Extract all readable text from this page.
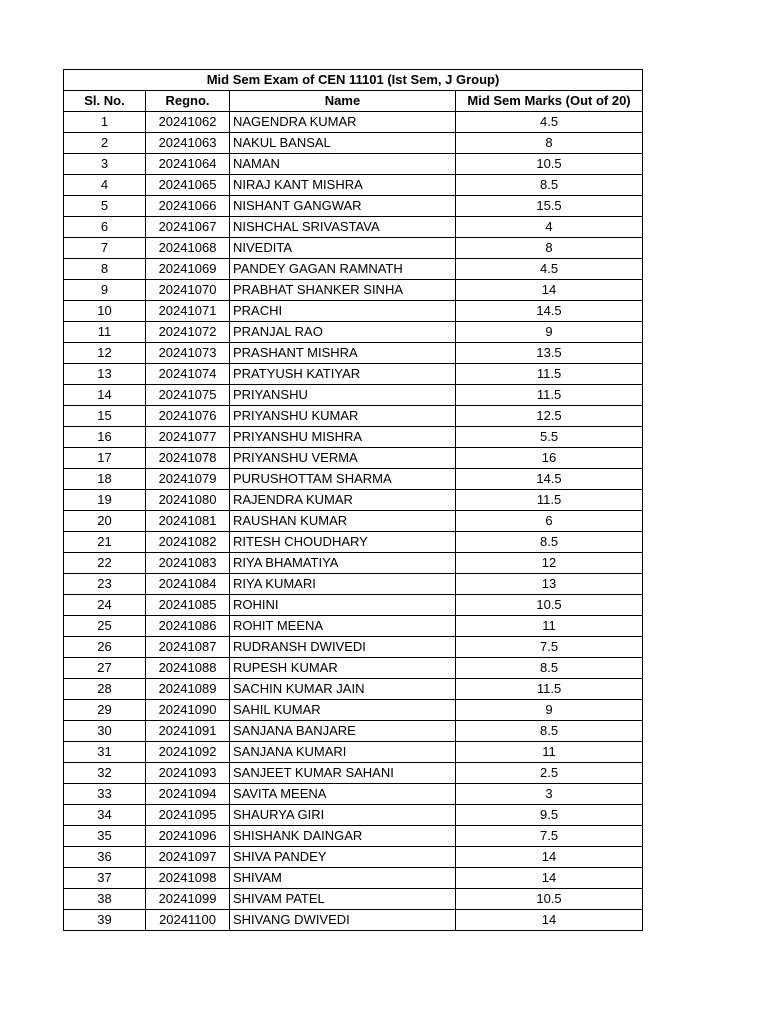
Mid Sem Exam of CEN 11101 (Ist Sem, J Group)			
Sl. No.	Regno.	Name	Mid Sem Marks (Out of 20)
1	20241062	NAGENDRA KUMAR	4.5
2	20241063	NAKUL BANSAL	8
3	20241064	NAMAN	10.5
4	20241065	NIRAJ KANT MISHRA	8.5
5	20241066	NISHANT GANGWAR	15.5
6	20241067	NISHCHAL SRIVASTAVA	4
7	20241068	NIVEDITA	8
8	20241069	PANDEY GAGAN RAMNATH	4.5
9	20241070	PRABHAT SHANKER SINHA	14
10	20241071	PRACHI	14.5
11	20241072	PRANJAL RAO	9
12	20241073	PRASHANT MISHRA	13.5
13	20241074	PRATYUSH KATIYAR	11.5
14	20241075	PRIYANSHU	11.5
15	20241076	PRIYANSHU KUMAR	12.5
16	20241077	PRIYANSHU MISHRA	5.5
17	20241078	PRIYANSHU VERMA	16
18	20241079	PURUSHOTTAM SHARMA	14.5
19	20241080	RAJENDRA KUMAR	11.5
20	20241081	RAUSHAN KUMAR	6
21	20241082	RITESH CHOUDHARY	8.5
22	20241083	RIYA BHAMATIYA	12
23	20241084	RIYA KUMARI	13
24	20241085	ROHINI	10.5
25	20241086	ROHIT MEENA	11
26	20241087	RUDRANSH DWIVEDI	7.5
27	20241088	RUPESH KUMAR	8.5
28	20241089	SACHIN KUMAR JAIN	11.5
29	20241090	SAHIL KUMAR	9
30	20241091	SANJANA BANJARE	8.5
31	20241092	SANJANA KUMARI	11
32	20241093	SANJEET KUMAR SAHANI	2.5
33	20241094	SAVITA MEENA	3
34	20241095	SHAURYA GIRI	9.5
35	20241096	SHISHANK DAINGAR	7.5
36	20241097	SHIVA PANDEY	14
37	20241098	SHIVAM	14
38	20241099	SHIVAM PATEL	10.5
39	20241100	SHIVANG DWIVEDI	14
